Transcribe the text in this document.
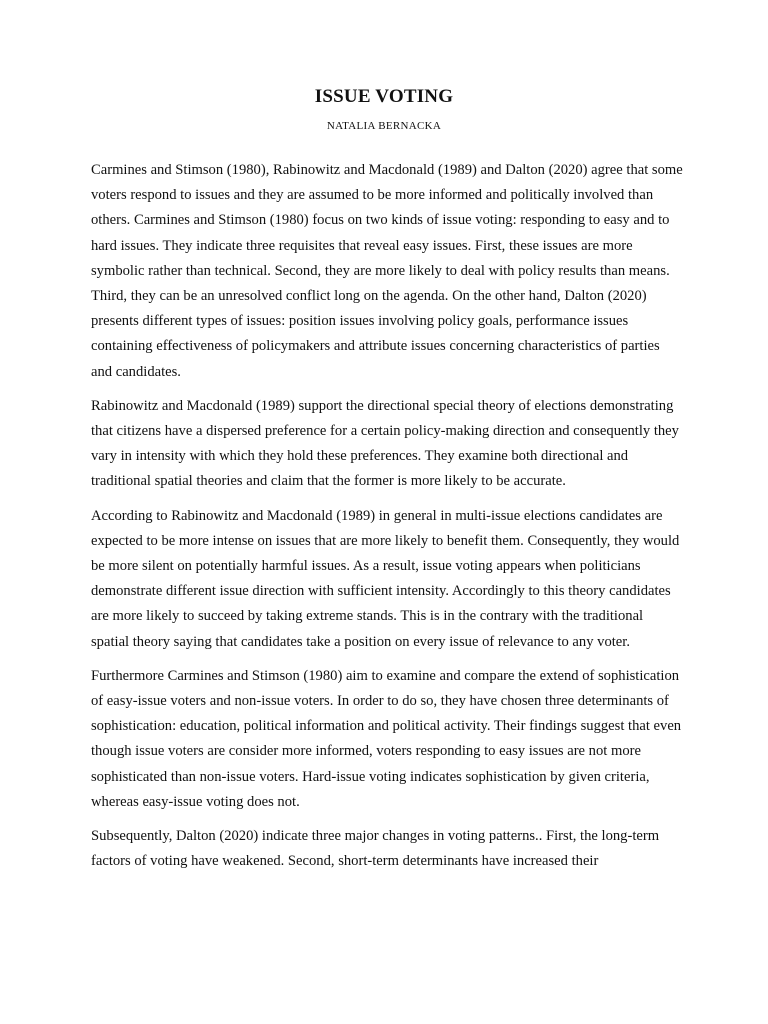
ISSUE VOTING
NATALIA BERNACKA

Carmines and Stimson (1980), Rabinowitz and Macdonald (1989) and Dalton (2020) agree that some voters respond to issues and they are assumed to be more informed and politically involved than others. Carmines and Stimson (1980) focus on two kinds of issue voting: responding to easy and to hard issues. They indicate three requisites that reveal easy issues. First, these issues are more symbolic rather than technical. Second, they are more likely to deal with policy results than means. Third, they can be an unresolved conflict long on the agenda. On the other hand, Dalton (2020) presents different types of issues: position issues involving policy goals, performance issues containing effectiveness of policymakers and attribute issues concerning characteristics of parties and candidates.

Rabinowitz and Macdonald (1989) support the directional special theory of elections demonstrating that citizens have a dispersed preference for a certain policy-making direction and consequently they vary in intensity with which they hold these preferences. They examine both directional and traditional spatial theories and claim that the former is more likely to be accurate.

According to Rabinowitz and Macdonald (1989) in general in multi-issue elections candidates are expected to be more intense on issues that are more likely to benefit them. Consequently, they would be more silent on potentially harmful issues. As a result, issue voting appears when politicians demonstrate different issue direction with sufficient intensity. Accordingly to this theory candidates are more likely to succeed by taking extreme stands. This is in the contrary with the traditional spatial theory saying that candidates take a position on every issue of relevance to any voter.

Furthermore Carmines and Stimson (1980) aim to examine and compare the extend of sophistication of easy-issue voters and non-issue voters. In order to do so, they have chosen three determinants of sophistication: education, political information and political activity. Their findings suggest that even though issue voters are consider more informed, voters responding to easy issues are not more sophisticated than non-issue voters. Hard-issue voting indicates sophistication by given criteria, whereas easy-issue voting does not.

Subsequently, Dalton (2020) indicate three major changes in voting patterns.. First, the long-term factors of voting have weakened. Second, short-term determinants have increased their
